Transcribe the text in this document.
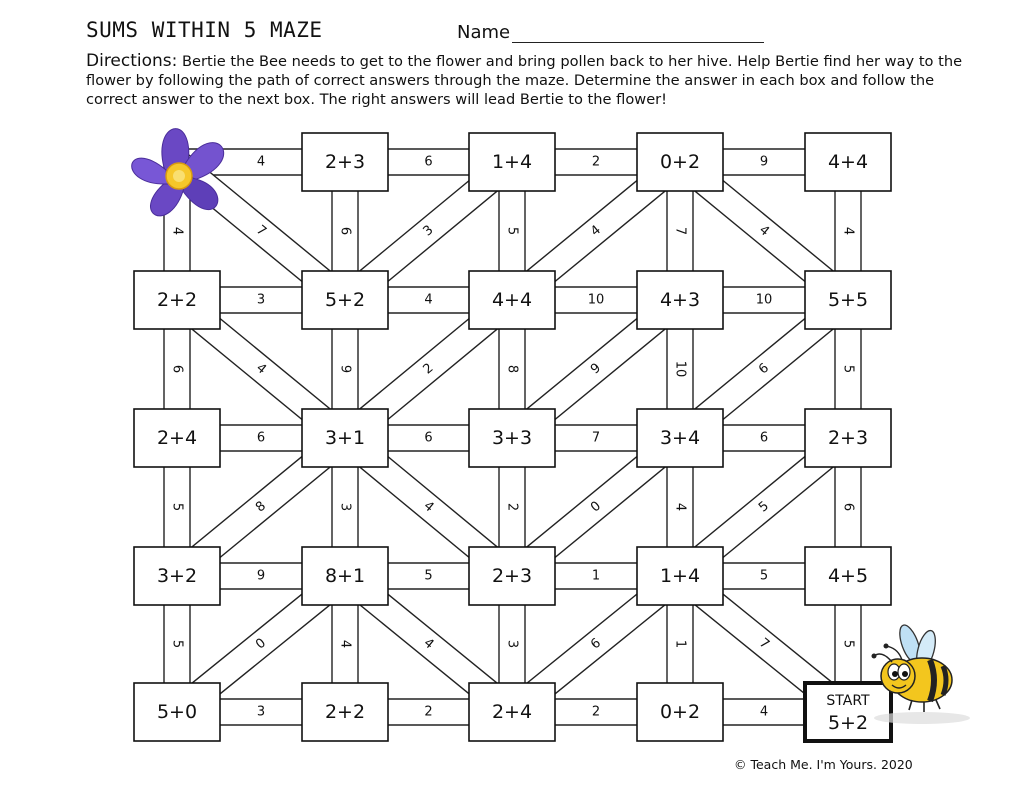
SUMS WITHIN 5 MAZE	Name
Directions: Bertie the Bee needs to get to the flower and bring pollen back to her hive. Help Bertie find her way to the flower by following the path of correct answers through the maze. Determine the answer in each box and follow the correct answer to the next box. The right answers will lead Bertie to the flower!
4	6	2	9
3	4	10	10
6	6	7	6
9	5	1	5
3	2	2	4
4	6	5	7	4
6	9	8	10	5
5	3	2	4	6
5	4	3	1	5
7	3	4	4
4	2	9	6
8	4	0	5
0	4	6	7
2+3	1+4	0+2	4+4
2+2	5+2	4+4	4+3	5+5
2+4	3+1	3+3	3+4	2+3
3+2	8+1	2+3	1+4	4+5
5+0	2+2	2+4	0+2	START
5+2
© Teach Me. I'm Yours. 2020
